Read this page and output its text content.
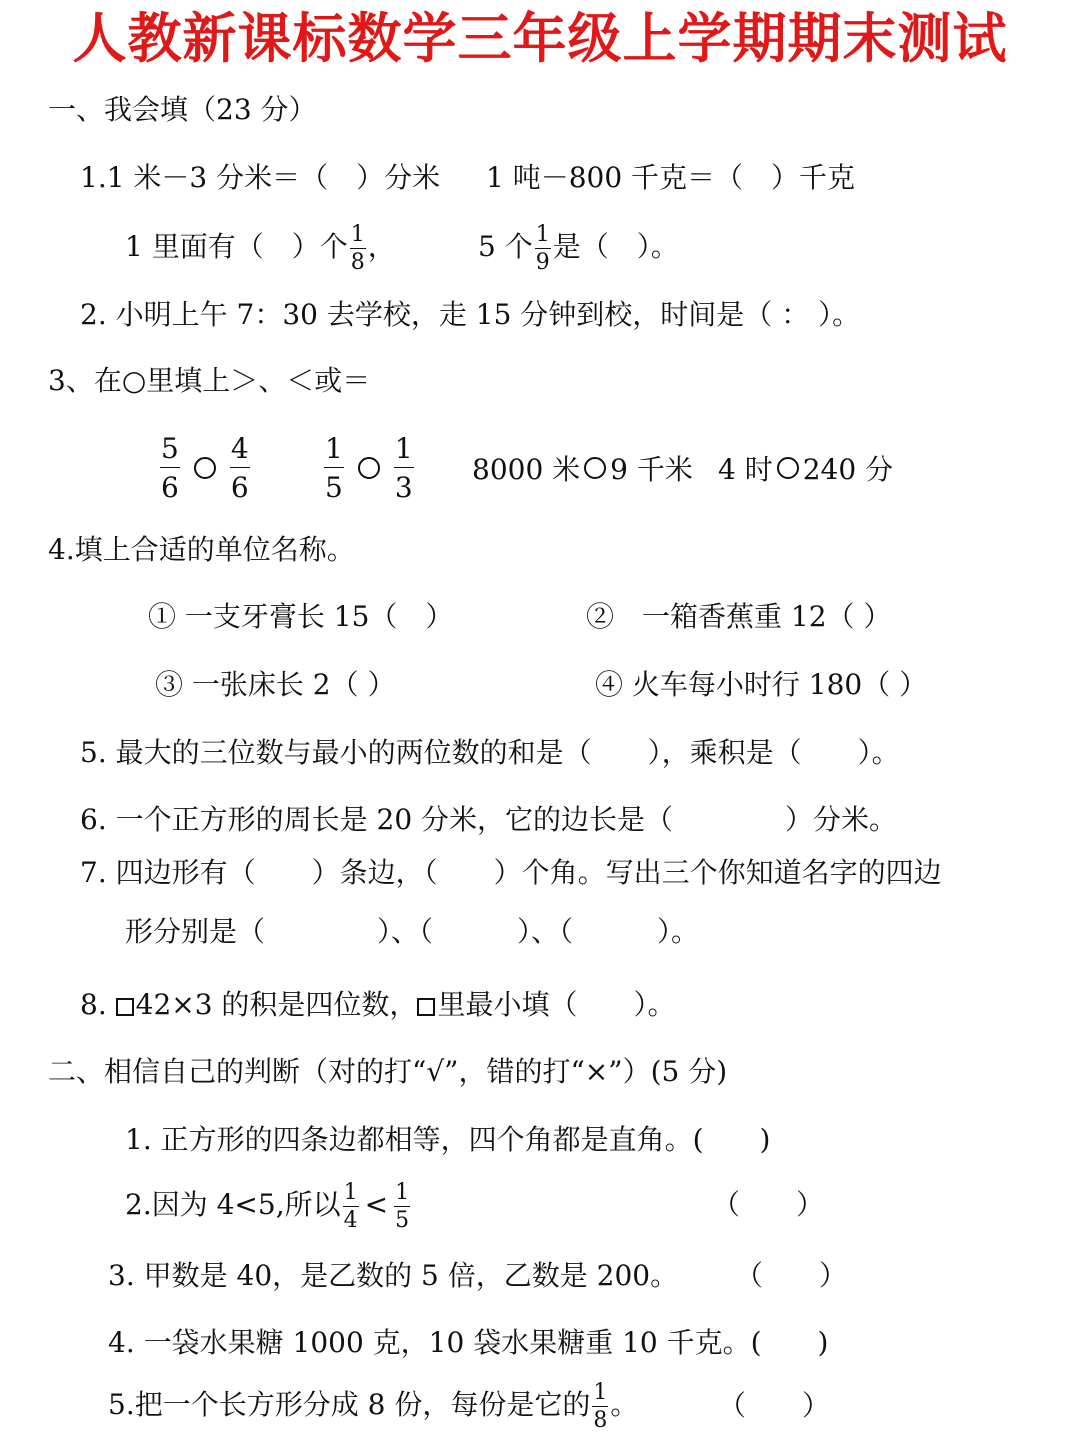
人教新课标数学三年级上学期期末测试
一、我会填（23 分）
1.1 米－3 分米＝（　）分米 1 吨－800 千克＝（　）千克
1 里面有（　）个 $\frac{1}{8}$ ，	5 个 $\frac{1}{9}$ 是（　）。
2. 小明上午 7：30 去学校，走 15 分钟到校，时间是（ ： ）。
3、在○里填上＞、＜或＝
$\frac{5}{6} \frac{4}{6}$	$\frac{1}{5} \frac{1}{3} 8000$ 米 9 千米 4 时 240 分
4.填上合适的单位名称。
① 一支牙膏长 15（　）	②　一箱香蕉重 12（ ）
③ 一张床长 2（ ）	④ 火车每小时行 180（ ）
5. 最大的三位数与最小的两位数的和是（　　），乘积是（　　）。
6. 一个正方形的周长是 20 分米，它的边长是（　　　　）分米。
7. 四边形有（　　）条边，（　　）个角。写出三个你知道名字的四边
形分别是（　　　　）、（　　　）、（　　　）。
8. 42×3 的积是四位数， 里最小填（　　）。
二、相信自己的判断（对的打“√”，错的打“×”）(5 分)
1. 正方形的四条边都相等，四个角都是直角。(　　)
2.因为 4<5,所以 $\frac{1}{4} < \frac{1}{5}$	（　　）
3. 甲数是 40，是乙数的 5 倍，乙数是 200。 （　　）
4. 一袋水果糖 1000 克，10 袋水果糖重 10 千克。(　　)
5.把一个长方形分成 8 份，每份是它的 $\frac{1}{8}$ 。	（　　）
